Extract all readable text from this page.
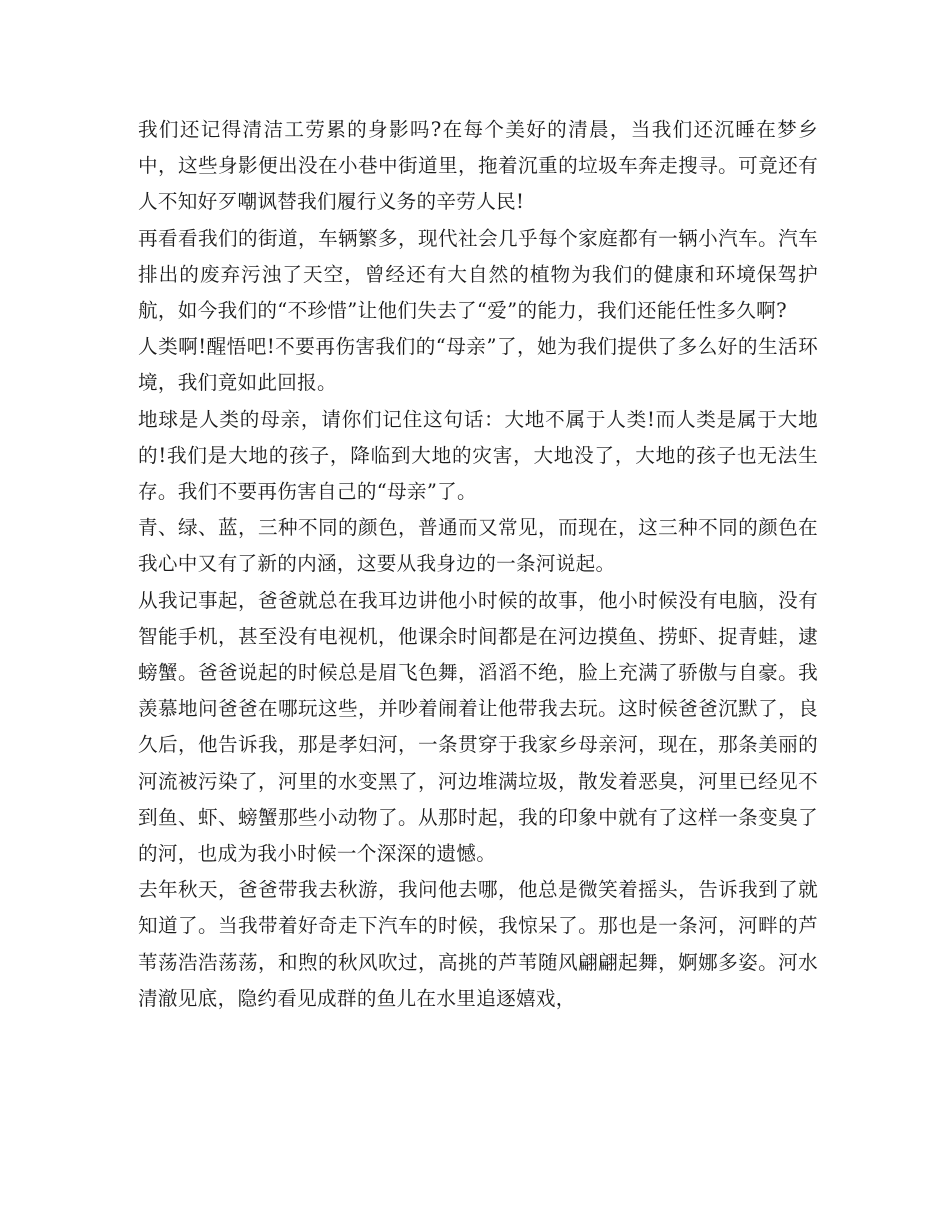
我们还记得清洁工劳累的身影吗?在每个美好的清晨，当我们还沉睡在梦乡中，这些身影便出没在小巷中街道里，拖着沉重的垃圾车奔走搜寻。可竟还有人不知好歹嘲讽替我们履行义务的辛劳人民!

再看看我们的街道，车辆繁多，现代社会几乎每个家庭都有一辆小汽车。汽车排出的废弃污浊了天空，曾经还有大自然的植物为我们的健康和环境保驾护航，如今我们的“不珍惜”让他们失去了“爱”的能力，我们还能任性多久啊?

人类啊!醒悟吧!不要再伤害我们的“母亲”了，她为我们提供了多么好的生活环境，我们竟如此回报。

地球是人类的母亲，请你们记住这句话：大地不属于人类!而人类是属于大地的!我们是大地的孩子，降临到大地的灾害，大地没了，大地的孩子也无法生存。我们不要再伤害自己的“母亲”了。

青、绿、蓝，三种不同的颜色，普通而又常见，而现在，这三种不同的颜色在我心中又有了新的内涵，这要从我身边的一条河说起。

从我记事起，爸爸就总在我耳边讲他小时候的故事，他小时候没有电脑，没有智能手机，甚至没有电视机，他课余时间都是在河边摸鱼、捞虾、捉青蛙，逮螃蟹。爸爸说起的时候总是眉飞色舞，滔滔不绝，脸上充满了骄傲与自豪。我羡慕地问爸爸在哪玩这些，并吵着闹着让他带我去玩。这时候爸爸沉默了，良久后，他告诉我，那是孝妇河，一条贯穿于我家乡母亲河，现在，那条美丽的河流被污染了，河里的水变黑了，河边堆满垃圾，散发着恶臭，河里已经见不到鱼、虾、螃蟹那些小动物了。从那时起，我的印象中就有了这样一条变臭了的河，也成为我小时候一个深深的遗憾。

去年秋天，爸爸带我去秋游，我问他去哪，他总是微笑着摇头，告诉我到了就知道了。当我带着好奇走下汽车的时候，我惊呆了。那也是一条河，河畔的芦苇荡浩浩荡荡，和煦的秋风吹过，高挑的芦苇随风翩翩起舞，婀娜多姿。河水清澈见底，隐约看见成群的鱼儿在水里追逐嬉戏，
